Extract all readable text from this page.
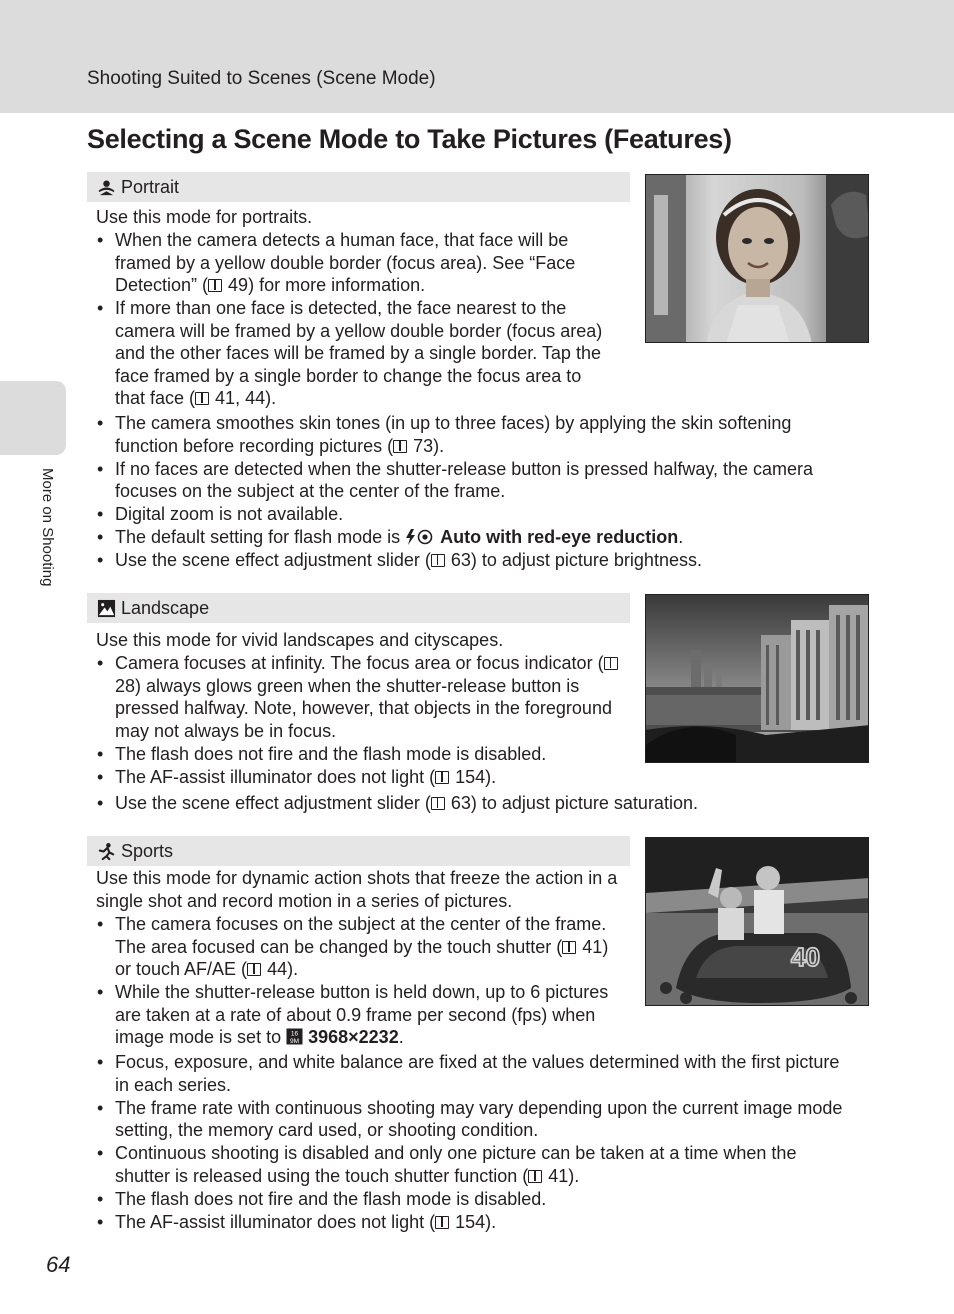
Shooting Suited to Scenes (Scene Mode)
Selecting a Scene Mode to Take Pictures (Features)
More on Shooting
Portrait

Use this mode for portraits.

• When the camera detects a human face, that face will be framed by a yellow double border (focus area). See “Face Detection” ( 49) for more information.
• If more than one face is detected, the face nearest to the camera will be framed by a yellow double border (focus area) and the other faces will be framed by a single border. Tap the face framed by a single border to change the focus area to that face ( 41, 44).
• The camera smoothes skin tones (in up to three faces) by applying the skin softening function before recording pictures ( 73).
• If no faces are detected when the shutter-release button is pressed halfway, the camera focuses on the subject at the center of the frame.
• Digital zoom is not available.
• The default setting for flash mode is  Auto with red-eye reduction.
• Use the scene effect adjustment slider ( 63) to adjust picture brightness.
Landscape

Use this mode for vivid landscapes and cityscapes.

• Camera focuses at infinity. The focus area or focus indicator ( 28) always glows green when the shutter-release button is pressed halfway. Note, however, that objects in the foreground may not always be in focus.
• The flash does not fire and the flash mode is disabled.
• The AF-assist illuminator does not light ( 154).
• Use the scene effect adjustment slider ( 63) to adjust picture saturation.
Sports

Use this mode for dynamic action shots that freeze the action in a single shot and record motion in a series of pictures.

• The camera focuses on the subject at the center of the frame. The area focused can be changed by the touch shutter ( 41) or touch AF/AE ( 44).
• While the shutter-release button is held down, up to 6 pictures are taken at a rate of about 0.9 frame per second (fps) when image mode is set to 16
9M 3968×2232.
• Focus, exposure, and white balance are fixed at the values determined with the first picture in each series.
• The frame rate with continuous shooting may vary depending upon the current image mode setting, the memory card used, or shooting condition.
• Continuous shooting is disabled and only one picture can be taken at a time when the shutter is released using the touch shutter function ( 41).
• The flash does not fire and the flash mode is disabled.
• The AF-assist illuminator does not light ( 154).
40
64
